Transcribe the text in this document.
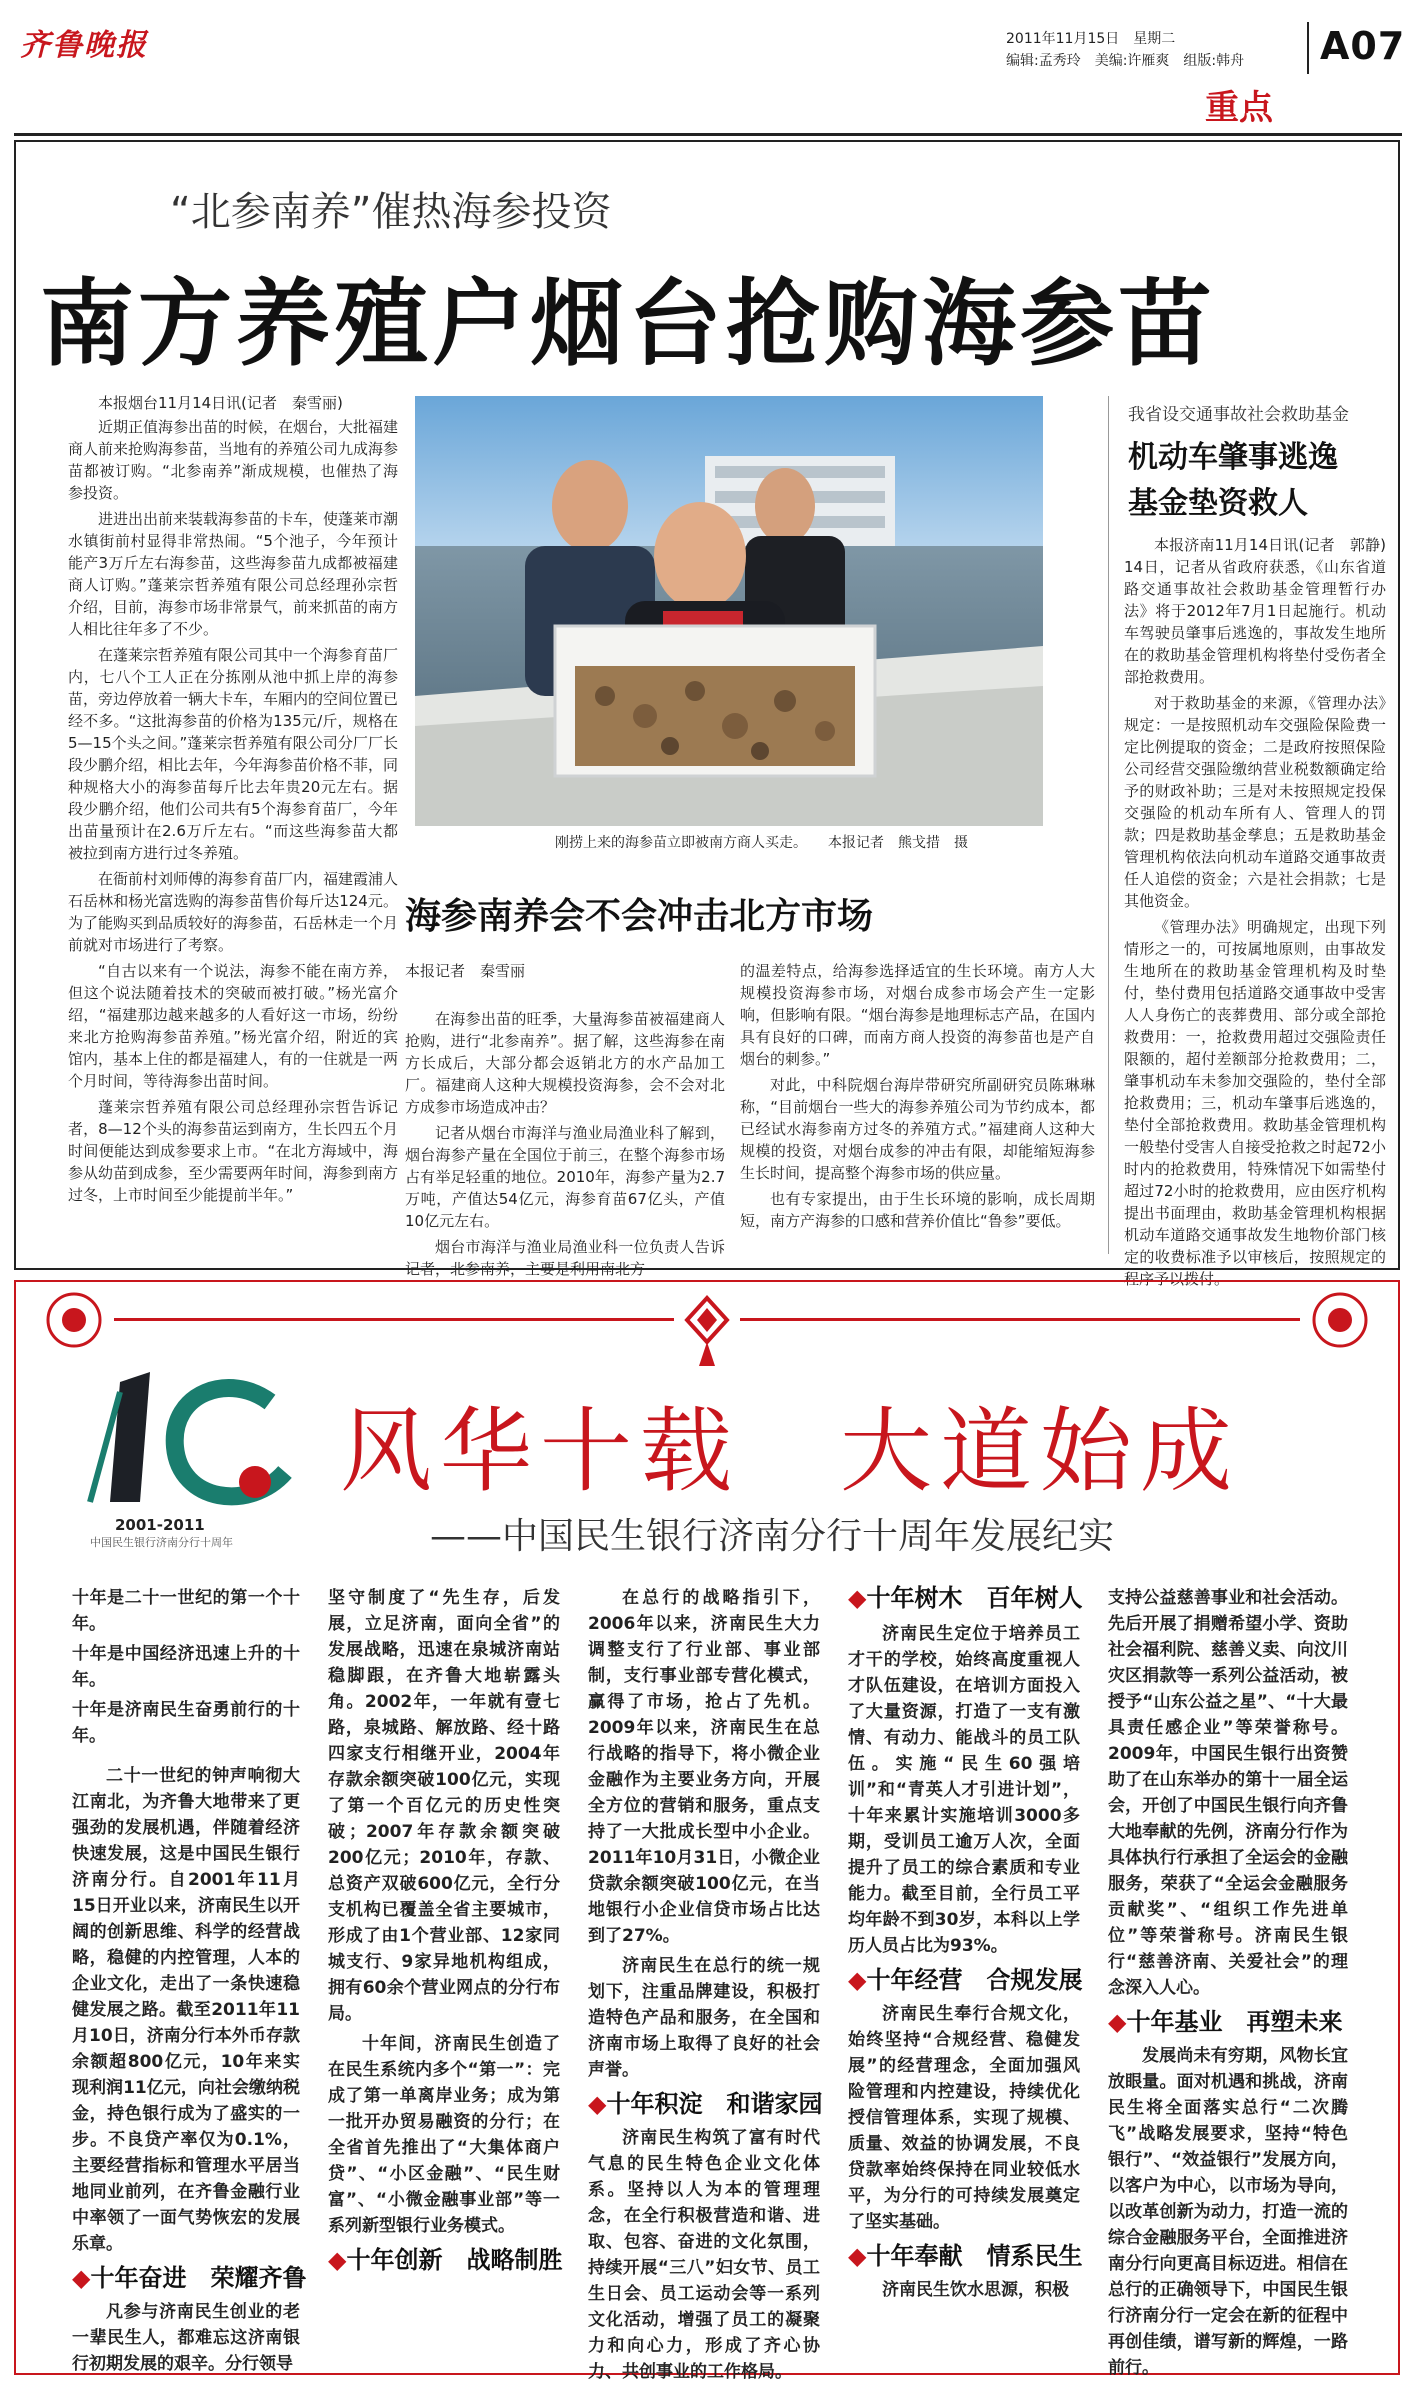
齐鲁晚报	2011年11月15日　星期二
编辑:孟秀玲　美编:许雁爽　组版:韩舟 A07
重点
“北参南养”催热海参投资
南方养殖户烟台抢购海参苗
本报烟台11月14日讯(记者　秦雪丽)

近期正值海参出苗的时候，在烟台，大批福建商人前来抢购海参苗，当地有的养殖公司九成海参苗都被订购。“北参南养”渐成规模，也催热了海参投资。

进进出出前来装载海参苗的卡车，使蓬莱市潮水镇街前村显得非常热闹。“5个池子，今年预计能产3万斤左右海参苗，这些海参苗九成都被福建商人订购。”蓬莱宗哲养殖有限公司总经理孙宗哲介绍，目前，海参市场非常景气，前来抓苗的南方人相比往年多了不少。

在蓬莱宗哲养殖有限公司其中一个海参育苗厂内，七八个工人正在分拣刚从池中抓上岸的海参苗，旁边停放着一辆大卡车，车厢内的空间位置已经不多。“这批海参苗的价格为135元/斤，规格在5—15个头之间。”蓬莱宗哲养殖有限公司分厂厂长段少鹏介绍，相比去年，今年海参苗价格不菲，同种规格大小的海参苗每斤比去年贵20元左右。据段少鹏介绍，他们公司共有5个海参育苗厂，今年出苗量预计在2.6万斤左右。“而这些海参苗大都被拉到南方进行过冬养殖。

在衙前村刘师傅的海参育苗厂内，福建霞浦人石岳林和杨光富选购的海参苗售价每斤达124元。为了能购买到品质较好的海参苗，石岳林走一个月前就对市场进行了考察。

“自古以来有一个说法，海参不能在南方养，但这个说法随着技术的突破而被打破。”杨光富介绍，“福建那边越来越多的人看好这一市场，纷纷来北方抢购海参苗养殖。”杨光富介绍，附近的宾馆内，基本上住的都是福建人，有的一住就是一两个月时间，等待海参出苗时间。

蓬莱宗哲养殖有限公司总经理孙宗哲告诉记者，8—12个头的海参苗运到南方，生长四五个月时间便能达到成参要求上市。“在北方海域中，海参从幼苗到成参，至少需要两年时间，海参到南方过冬，上市时间至少能提前半年。”

刚捞上来的海参苗立即被南方商人买走。　　本报记者　熊戈措　摄
海参南养会不会冲击北方市场
本报记者　秦雪丽

在海参出苗的旺季，大量海参苗被福建商人抢购，进行“北参南养”。据了解，这些海参在南方长成后，大部分都会返销北方的水产品加工厂。福建商人这种大规模投资海参，会不会对北方成参市场造成冲击？

记者从烟台市海洋与渔业局渔业科了解到，烟台海参产量在全国位于前三，在整个海参市场占有举足轻重的地位。2010年，海参产量为2.7万吨，产值达54亿元，海参育苗67亿头，产值10亿元左右。

烟台市海洋与渔业局渔业科一位负责人告诉记者，北参南养，主要是利用南北方

的温差特点，给海参选择适宜的生长环境。南方人大规模投资海参市场，对烟台成参市场会产生一定影响，但影响有限。“烟台海参是地理标志产品，在国内具有良好的口碑，而南方商人投资的海参苗也是产自烟台的刺参。”

对此，中科院烟台海岸带研究所副研究员陈琳琳称，“目前烟台一些大的海参养殖公司为节约成本，都已经试水海参南方过冬的养殖方式。”福建商人这种大规模的投资，对烟台成参的冲击有限，却能缩短海参生长时间，提高整个海参市场的供应量。

也有专家提出，由于生长环境的影响，成长周期短，南方产海参的口感和营养价值比“鲁参”要低。

我省设交通事故社会救助基金
机动车肇事逃逸
基金垫资救人

本报济南11月14日讯(记者　郭静)　14日，记者从省政府获悉，《山东省道路交通事故社会救助基金管理暂行办法》将于2012年7月1日起施行。机动车驾驶员肇事后逃逸的，事故发生地所在的救助基金管理机构将垫付受伤者全部抢救费用。

对于救助基金的来源，《管理办法》规定：一是按照机动车交强险保险费一定比例提取的资金；二是政府按照保险公司经营交强险缴纳营业税数额确定给予的财政补助；三是对未按照规定投保交强险的机动车所有人、管理人的罚款；四是救助基金孳息；五是救助基金管理机构依法向机动车道路交通事故责任人追偿的资金；六是社会捐款；七是其他资金。

《管理办法》明确规定，出现下列情形之一的，可按属地原则，由事故发生地所在的救助基金管理机构及时垫付，垫付费用包括道路交通事故中受害人人身伤亡的丧葬费用、部分或全部抢救费用：一，抢救费用超过交强险责任限额的，超付差额部分抢救费用；二，肇事机动车未参加交强险的，垫付全部抢救费用；三，机动车肇事后逃逸的，垫付全部抢救费用。救助基金管理机构一般垫付受害人自接受抢救之时起72小时内的抢救费用，特殊情况下如需垫付超过72小时的抢救费用，应由医疗机构提出书面理由，救助基金管理机构根据机动车道路交通事故发生地物价部门核定的收费标准予以审核后，按照规定的程序予以拨付。

2001-2011
中国民生银行济南分行十周年
风华十载　大道始成
——中国民生银行济南分行十周年发展纪实

十年是二十一世纪的第一个十年。

十年是中国经济迅速上升的十年。

十年是济南民生奋勇前行的十年。

二十一世纪的钟声响彻大江南北，为齐鲁大地带来了更强劲的发展机遇，伴随着经济快速发展，这是中国民生银行济南分行。自2001年11月15日开业以来，济南民生以开阔的创新思维、科学的经营战略，稳健的内控管理，人本的企业文化，走出了一条快速稳健发展之路。截至2011年11月10日，济南分行本外币存款余额超800亿元，10年来实现利润11亿元，向社会缴纳税金，持色银行成为了盛实的一步。不良贷产率仅为0.1%，主要经营指标和管理水平居当地同业前列，在齐鲁金融行业中率领了一面气势恢宏的发展乐章。

◆十年奋进　荣耀齐鲁

凡参与济南民生创业的老一辈民生人，都难忘这济南银行初期发展的艰辛。分行领导

坚守制度了“先生存，后发展，立足济南，面向全省”的发展战略，迅速在泉城济南站稳脚跟，在齐鲁大地崭露头角。2002年，一年就有壹七路，泉城路、解放路、经十路四家支行相继开业，2004年存款余额突破100亿元，实现了第一个百亿元的历史性突破；2007年存款余额突破200亿元；2010年，存款、总资产双破600亿元，全行分支机构已覆盖全省主要城市，形成了由1个营业部、12家同城支行、9家异地机构组成，拥有60余个营业网点的分行布局。

十年间，济南民生创造了在民生系统内多个“第一”：完成了第一单离岸业务；成为第一批开办贸易融资的分行；在全省首先推出了“大集体商户贷”、“小区金融”、“民生财富”、“小微金融事业部”等一系列新型银行业务模式。

◆十年创新　战略制胜

在总行的战略指引下，2006年以来，济南民生大力调整支行了行业部、事业部制，支行事业部专营化模式，赢得了市场，抢占了先机。2009年以来，济南民生在总行战略的指导下，将小微企业金融作为主要业务方向，开展全方位的营销和服务，重点支持了一大批成长型中小企业。2011年10月31日，小微企业贷款余额突破100亿元，在当地银行小企业信贷市场占比达到了27%。

济南民生在总行的统一规划下，注重品牌建设，积极打造特色产品和服务，在全国和济南市场上取得了良好的社会声誉。

◆十年积淀　和谐家园

济南民生构筑了富有时代气息的民生特色企业文化体系。坚持以人为本的管理理念，在全行积极营造和谐、进取、包容、奋进的文化氛围，持续开展“三八”妇女节、员工生日会、员工运动会等一系列文化活动，增强了员工的凝聚力和向心力，形成了齐心协力、共创事业的工作格局。

◆十年树木　百年树人

济南民生定位于培养员工才干的学校，始终高度重视人才队伍建设，在培训方面投入了大量资源，打造了一支有激情、有动力、能战斗的员工队伍。实施“民生60强培训”和“青英人才引进计划”，十年来累计实施培训3000多期，受训员工逾万人次，全面提升了员工的综合素质和专业能力。截至目前，全行员工平均年龄不到30岁，本科以上学历人员占比为93%。

◆十年经营　合规发展

济南民生奉行合规文化，始终坚持“合规经营、稳健发展”的经营理念，全面加强风险管理和内控建设，持续优化授信管理体系，实现了规模、质量、效益的协调发展，不良贷款率始终保持在同业较低水平，为分行的可持续发展奠定了坚实基础。

◆十年奉献　情系民生

济南民生饮水思源，积极

支持公益慈善事业和社会活动。先后开展了捐赠希望小学、资助社会福利院、慈善义卖、向汶川灾区捐款等一系列公益活动，被授予“山东公益之星”、“十大最具责任感企业”等荣誉称号。2009年，中国民生银行出资赞助了在山东举办的第十一届全运会，开创了中国民生银行向齐鲁大地奉献的先例，济南分行作为具体执行行承担了全运会的金融服务，荣获了“全运会金融服务贡献奖”、“组织工作先进单位”等荣誉称号。济南民生银行“慈善济南、关爱社会”的理念深入人心。

◆十年基业　再塑未来

发展尚未有穷期，风物长宜放眼量。面对机遇和挑战，济南民生将全面落实总行“二次腾飞”战略发展要求，坚持“特色银行”、“效益银行”发展方向，以客户为中心，以市场为导向，以改革创新为动力，打造一流的综合金融服务平台，全面推进济南分行向更高目标迈进。相信在总行的正确领导下，中国民生银行济南分行一定会在新的征程中再创佳绩，谱写新的辉煌，一路前行。
